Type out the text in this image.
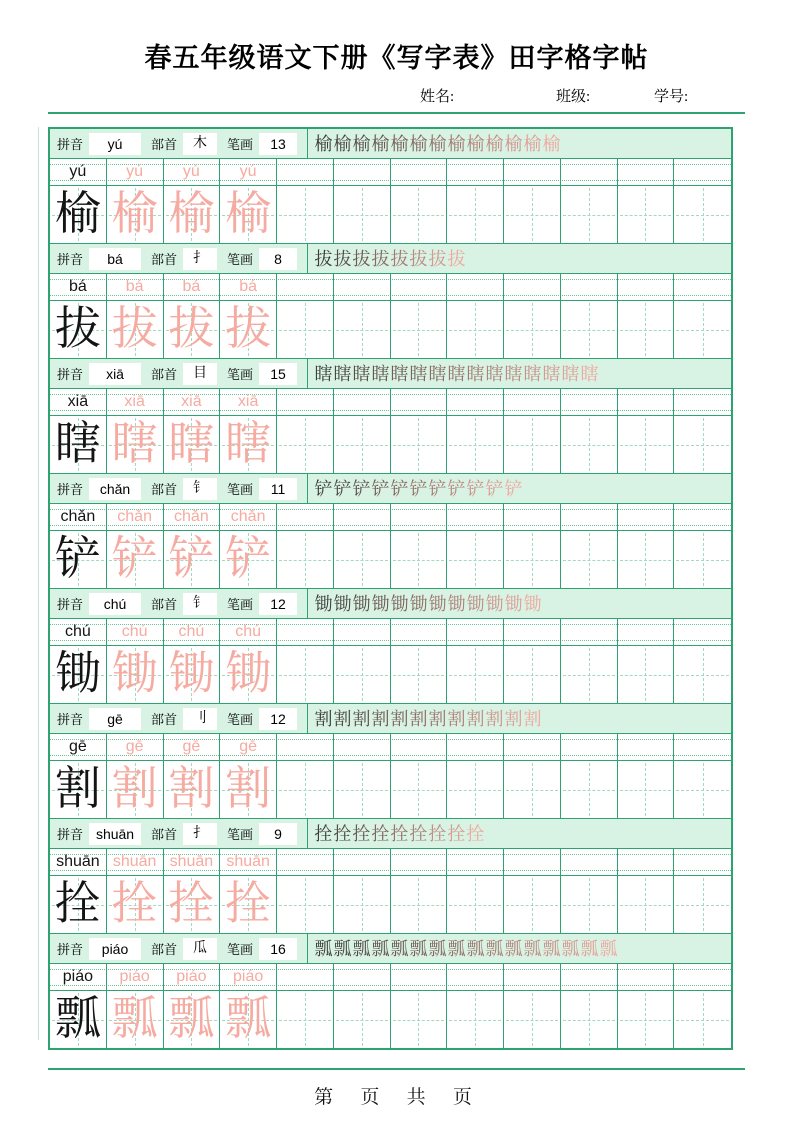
春五年级语文下册《写字表》田字格字帖
姓名:	班级:	学号:
拼音	yú	部首	木	笔画	13	榆 榆 榆 榆 榆 榆 榆 榆 榆 榆 榆 榆 榆
yú	yú	yú	yú
榆 榆 榆 榆
拼音	bá	部首	扌	笔画	8	拔 拔 拔 拔 拔 拔 拔 拔
bá	bá	bá	bá
拔 拔 拔 拔
拼音	xiā	部首	目	笔画	15	瞎 瞎 瞎 瞎 瞎 瞎 瞎 瞎 瞎 瞎 瞎 瞎 瞎 瞎 瞎
xiā	xiā	xiā	xiā
瞎 瞎 瞎 瞎
拼音	chǎn	部首	钅	笔画	11	铲 铲 铲 铲 铲 铲 铲 铲 铲 铲 铲
chǎn	chǎn	chǎn	chǎn
铲 铲 铲 铲
拼音	chú	部首	钅	笔画	12	锄 锄 锄 锄 锄 锄 锄 锄 锄 锄 锄 锄
chú	chú	chú	chú
锄 锄 锄 锄
拼音	gē	部首	刂	笔画	12	割 割 割 割 割 割 割 割 割 割 割 割
gē	gē	gē	gē
割 割 割 割
拼音 shuān	部首	扌	笔画	9	拴 拴 拴 拴 拴 拴 拴 拴 拴
shuān shuān shuān shuān
拴 拴 拴 拴
拼音	piáo	部首	瓜	笔画	16	瓢 瓢 瓢 瓢 瓢 瓢 瓢 瓢 瓢 瓢 瓢 瓢 瓢 瓢 瓢 瓢
piáo	piáo	piáo	piáo
瓢 瓢 瓢 瓢
第 页 共 页
